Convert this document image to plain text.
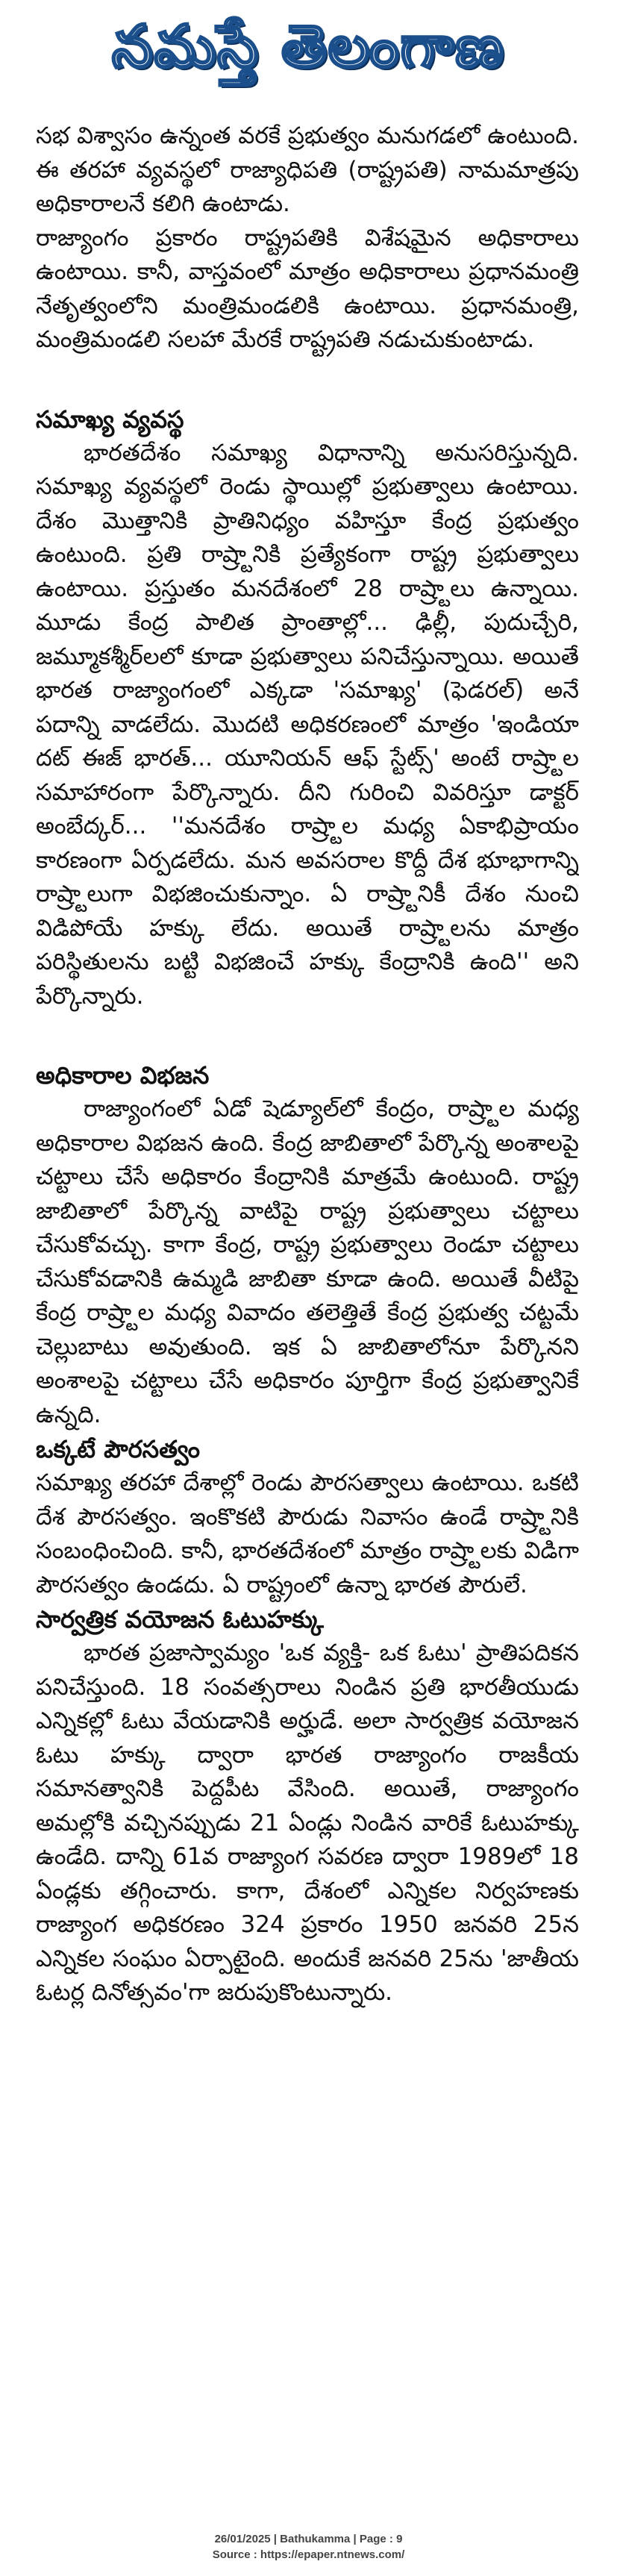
నమస్తే తెలంగాణ

సభ విశ్వాసం ఉన్నంత వరకే ప్రభుత్వం మనుగడలో ఉంటుంది. ఈ తరహా వ్యవస్థలో రాజ్యాధిపతి (రాష్ట్రపతి) నామమాత్రపు అధికారాలనే కలిగి ఉంటాడు.

రాజ్యాంగం ప్రకారం రాష్ట్రపతికి విశేషమైన అధికారాలు ఉంటాయి. కానీ, వాస్తవంలో మాత్రం అధికారాలు ప్రధానమంత్రి నేతృత్వంలోని మంత్రిమండలికి ఉంటాయి. ప్రధానమంత్రి, మంత్రిమండలి సలహా మేరకే రాష్ట్రపతి నడుచుకుంటాడు.

సమాఖ్య వ్యవస్థ

భారతదేశం సమాఖ్య విధానాన్ని అనుసరిస్తున్నది. సమాఖ్య వ్యవస్థలో రెండు స్థాయిల్లో ప్రభుత్వాలు ఉంటాయి. దేశం మొత్తానికి ప్రాతినిధ్యం వహిస్తూ కేంద్ర ప్రభుత్వం ఉంటుంది. ప్రతి రాష్ర్టానికి ప్రత్యేకంగా రాష్ట్ర ప్రభుత్వాలు ఉంటాయి. ప్రస్తుతం మనదేశంలో 28 రాష్ర్టాలు ఉన్నాయి. మూడు కేంద్ర పాలిత ప్రాంతాల్లో... ఢిల్లీ, పుదుచ్చేరి, జమ్మూకశ్మీర్‌లలో కూడా ప్రభుత్వాలు పనిచేస్తున్నాయి. అయితే భారత రాజ్యాంగంలో ఎక్కడా 'సమాఖ్య' (ఫెడరల్) అనే పదాన్ని వాడలేదు. మొదటి అధికరణంలో మాత్రం 'ఇండియా దట్ ఈజ్ భారత్... యూనియన్ ఆఫ్ స్టేట్స్' అంటే రాష్ర్టాల సమాహారంగా పేర్కొన్నారు. దీని గురించి వివరిస్తూ డాక్టర్ అంబేద్కర్... ''మనదేశం రాష్ర్టాల మధ్య ఏకాభిప్రాయం కారణంగా ఏర్పడలేదు. మన అవసరాల కొద్దీ దేశ భూభాగాన్ని రాష్ర్టాలుగా విభజించుకున్నాం. ఏ రాష్ర్టానికీ దేశం నుంచి విడిపోయే హక్కు లేదు. అయితే రాష్ర్టాలను మాత్రం పరిస్థితులను బట్టి విభజించే హక్కు కేంద్రానికి ఉంది'' అని పేర్కొన్నారు.

అధికారాల విభజన

రాజ్యాంగంలో ఏడో షెడ్యూల్‌లో కేంద్రం, రాష్ర్టాల మధ్య అధికారాల విభజన ఉంది. కేంద్ర జాబితాలో పేర్కొన్న అంశాలపై చట్టాలు చేసే అధికారం కేంద్రానికి మాత్రమే ఉంటుంది. రాష్ట్ర జాబితాలో పేర్కొన్న వాటిపై రాష్ట్ర ప్రభుత్వాలు చట్టాలు చేసుకోవచ్చు. కాగా కేంద్ర, రాష్ట్ర ప్రభుత్వాలు రెండూ చట్టాలు చేసుకోవడానికి ఉమ్మడి జాబితా కూడా ఉంది. అయితే వీటిపై కేంద్ర రాష్ర్టాల మధ్య వివాదం తలెత్తితే కేంద్ర ప్రభుత్వ చట్టమే చెల్లుబాటు అవుతుంది. ఇక ఏ జాబితాలోనూ పేర్కొనని అంశాలపై చట్టాలు చేసే అధికారం పూర్తిగా కేంద్ర ప్రభుత్వానికే ఉన్నది.

ఒక్కటే పౌరసత్వం

సమాఖ్య తరహా దేశాల్లో రెండు పౌరసత్వాలు ఉంటాయి. ఒకటి దేశ పౌరసత్వం. ఇంకొకటి పౌరుడు నివాసం ఉండే రాష్ర్టానికి సంబంధించింది. కానీ, భారతదేశంలో మాత్రం రాష్ర్టాలకు విడిగా పౌరసత్వం ఉండదు. ఏ రాష్ట్రంలో ఉన్నా భారత పౌరులే.

సార్వత్రిక వయోజన ఓటుహక్కు

భారత ప్రజాస్వామ్యం 'ఒక వ్యక్తి- ఒక ఓటు' ప్రాతిపదికన పనిచేస్తుంది. 18 సంవత్సరాలు నిండిన ప్రతి భారతీయుడు ఎన్నికల్లో ఓటు వేయడానికి అర్హుడే. అలా సార్వత్రిక వయోజన ఓటు హక్కు ద్వారా భారత రాజ్యాంగం రాజకీయ సమానత్వానికి పెద్దపీట వేసింది. అయితే, రాజ్యాంగం అమల్లోకి వచ్చినప్పుడు 21 ఏండ్లు నిండిన వారికే ఓటుహక్కు ఉండేది. దాన్ని 61వ రాజ్యాంగ సవరణ ద్వారా 1989లో 18 ఏండ్లకు తగ్గించారు. కాగా, దేశంలో ఎన్నికల నిర్వహణకు రాజ్యాంగ అధికరణం 324 ప్రకారం 1950 జనవరి 25న ఎన్నికల సంఘం ఏర్పాటైంది. అందుకే జనవరి 25ను 'జాతీయ ఓటర్ల దినోత్సవం'గా జరుపుకొంటున్నారు.

26/01/2025 | Bathukamma | Page : 9
Source : https://epaper.ntnews.com/
